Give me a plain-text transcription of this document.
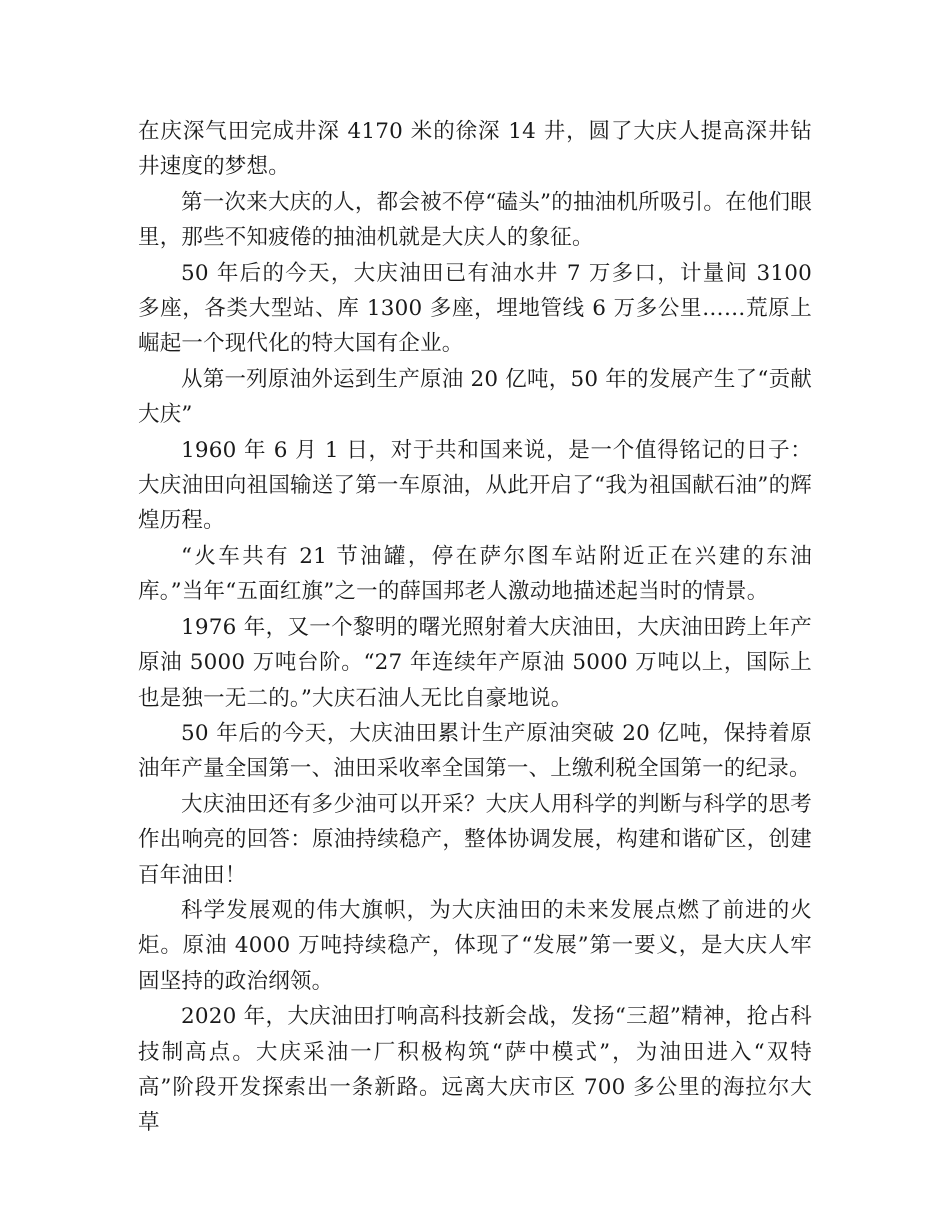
在庆深气田完成井深 4170 米的徐深 14 井，圆了大庆人提高深井钻井速度的梦想。

第一次来大庆的人，都会被不停“磕头”的抽油机所吸引。在他们眼里，那些不知疲倦的抽油机就是大庆人的象征。

50 年后的今天，大庆油田已有油水井 7 万多口，计量间 3100 多座，各类大型站、库 1300 多座，埋地管线 6 万多公里……荒原上崛起一个现代化的特大国有企业。

从第一列原油外运到生产原油 20 亿吨，50 年的发展产生了“贡献大庆”

1960 年 6 月 1 日，对于共和国来说，是一个值得铭记的日子：大庆油田向祖国输送了第一车原油，从此开启了“我为祖国献石油”的辉煌历程。

“火车共有 21 节油罐，停在萨尔图车站附近正在兴建的东油库。”当年“五面红旗”之一的薛国邦老人激动地描述起当时的情景。

1976 年，又一个黎明的曙光照射着大庆油田，大庆油田跨上年产原油 5000 万吨台阶。“27 年连续年产原油 5000 万吨以上，国际上也是独一无二的。”大庆石油人无比自豪地说。

50 年后的今天，大庆油田累计生产原油突破 20 亿吨，保持着原油年产量全国第一、油田采收率全国第一、上缴利税全国第一的纪录。

大庆油田还有多少油可以开采？大庆人用科学的判断与科学的思考作出响亮的回答：原油持续稳产，整体协调发展，构建和谐矿区，创建百年油田！

科学发展观的伟大旗帜，为大庆油田的未来发展点燃了前进的火炬。原油 4000 万吨持续稳产，体现了“发展”第一要义，是大庆人牢固坚持的政治纲领。

2020 年，大庆油田打响高科技新会战，发扬“三超”精神，抢占科技制高点。大庆采油一厂积极构筑“萨中模式”，为油田进入“双特高”阶段开发探索出一条新路。远离大庆市区 700 多公里的海拉尔大草
